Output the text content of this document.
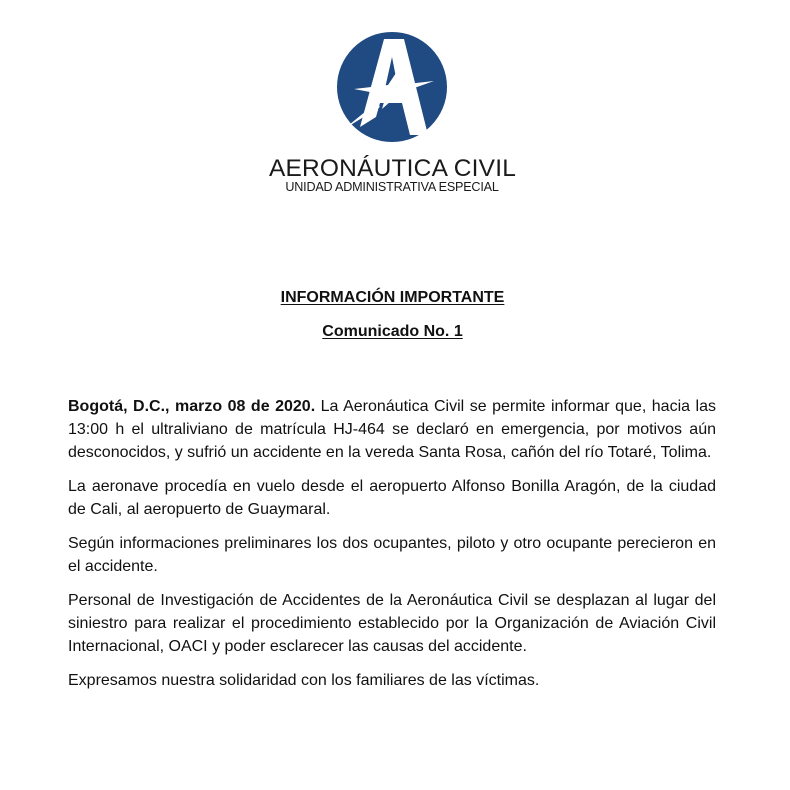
AERONÁUTICA CIVIL
UNIDAD ADMINISTRATIVA ESPECIAL
INFORMACIÓN IMPORTANTE
Comunicado No. 1

Bogotá, D.C., marzo 08 de 2020. La Aeronáutica Civil se permite informar que, hacia las 13:00 h el ultraliviano de matrícula HJ-464 se declaró en emergencia, por motivos aún desconocidos, y sufrió un accidente en la vereda Santa Rosa, cañón del río Totaré, Tolima.

La aeronave procedía en vuelo desde el aeropuerto Alfonso Bonilla Aragón, de la ciudad de Cali, al aeropuerto de Guaymaral.

Según informaciones preliminares los dos ocupantes, piloto y otro ocupante perecieron en el accidente.

Personal de Investigación de Accidentes de la Aeronáutica Civil se desplazan al lugar del siniestro para realizar el procedimiento establecido por la Organización de Aviación Civil Internacional, OACI y poder esclarecer las causas del accidente.

Expresamos nuestra solidaridad con los familiares de las víctimas.
